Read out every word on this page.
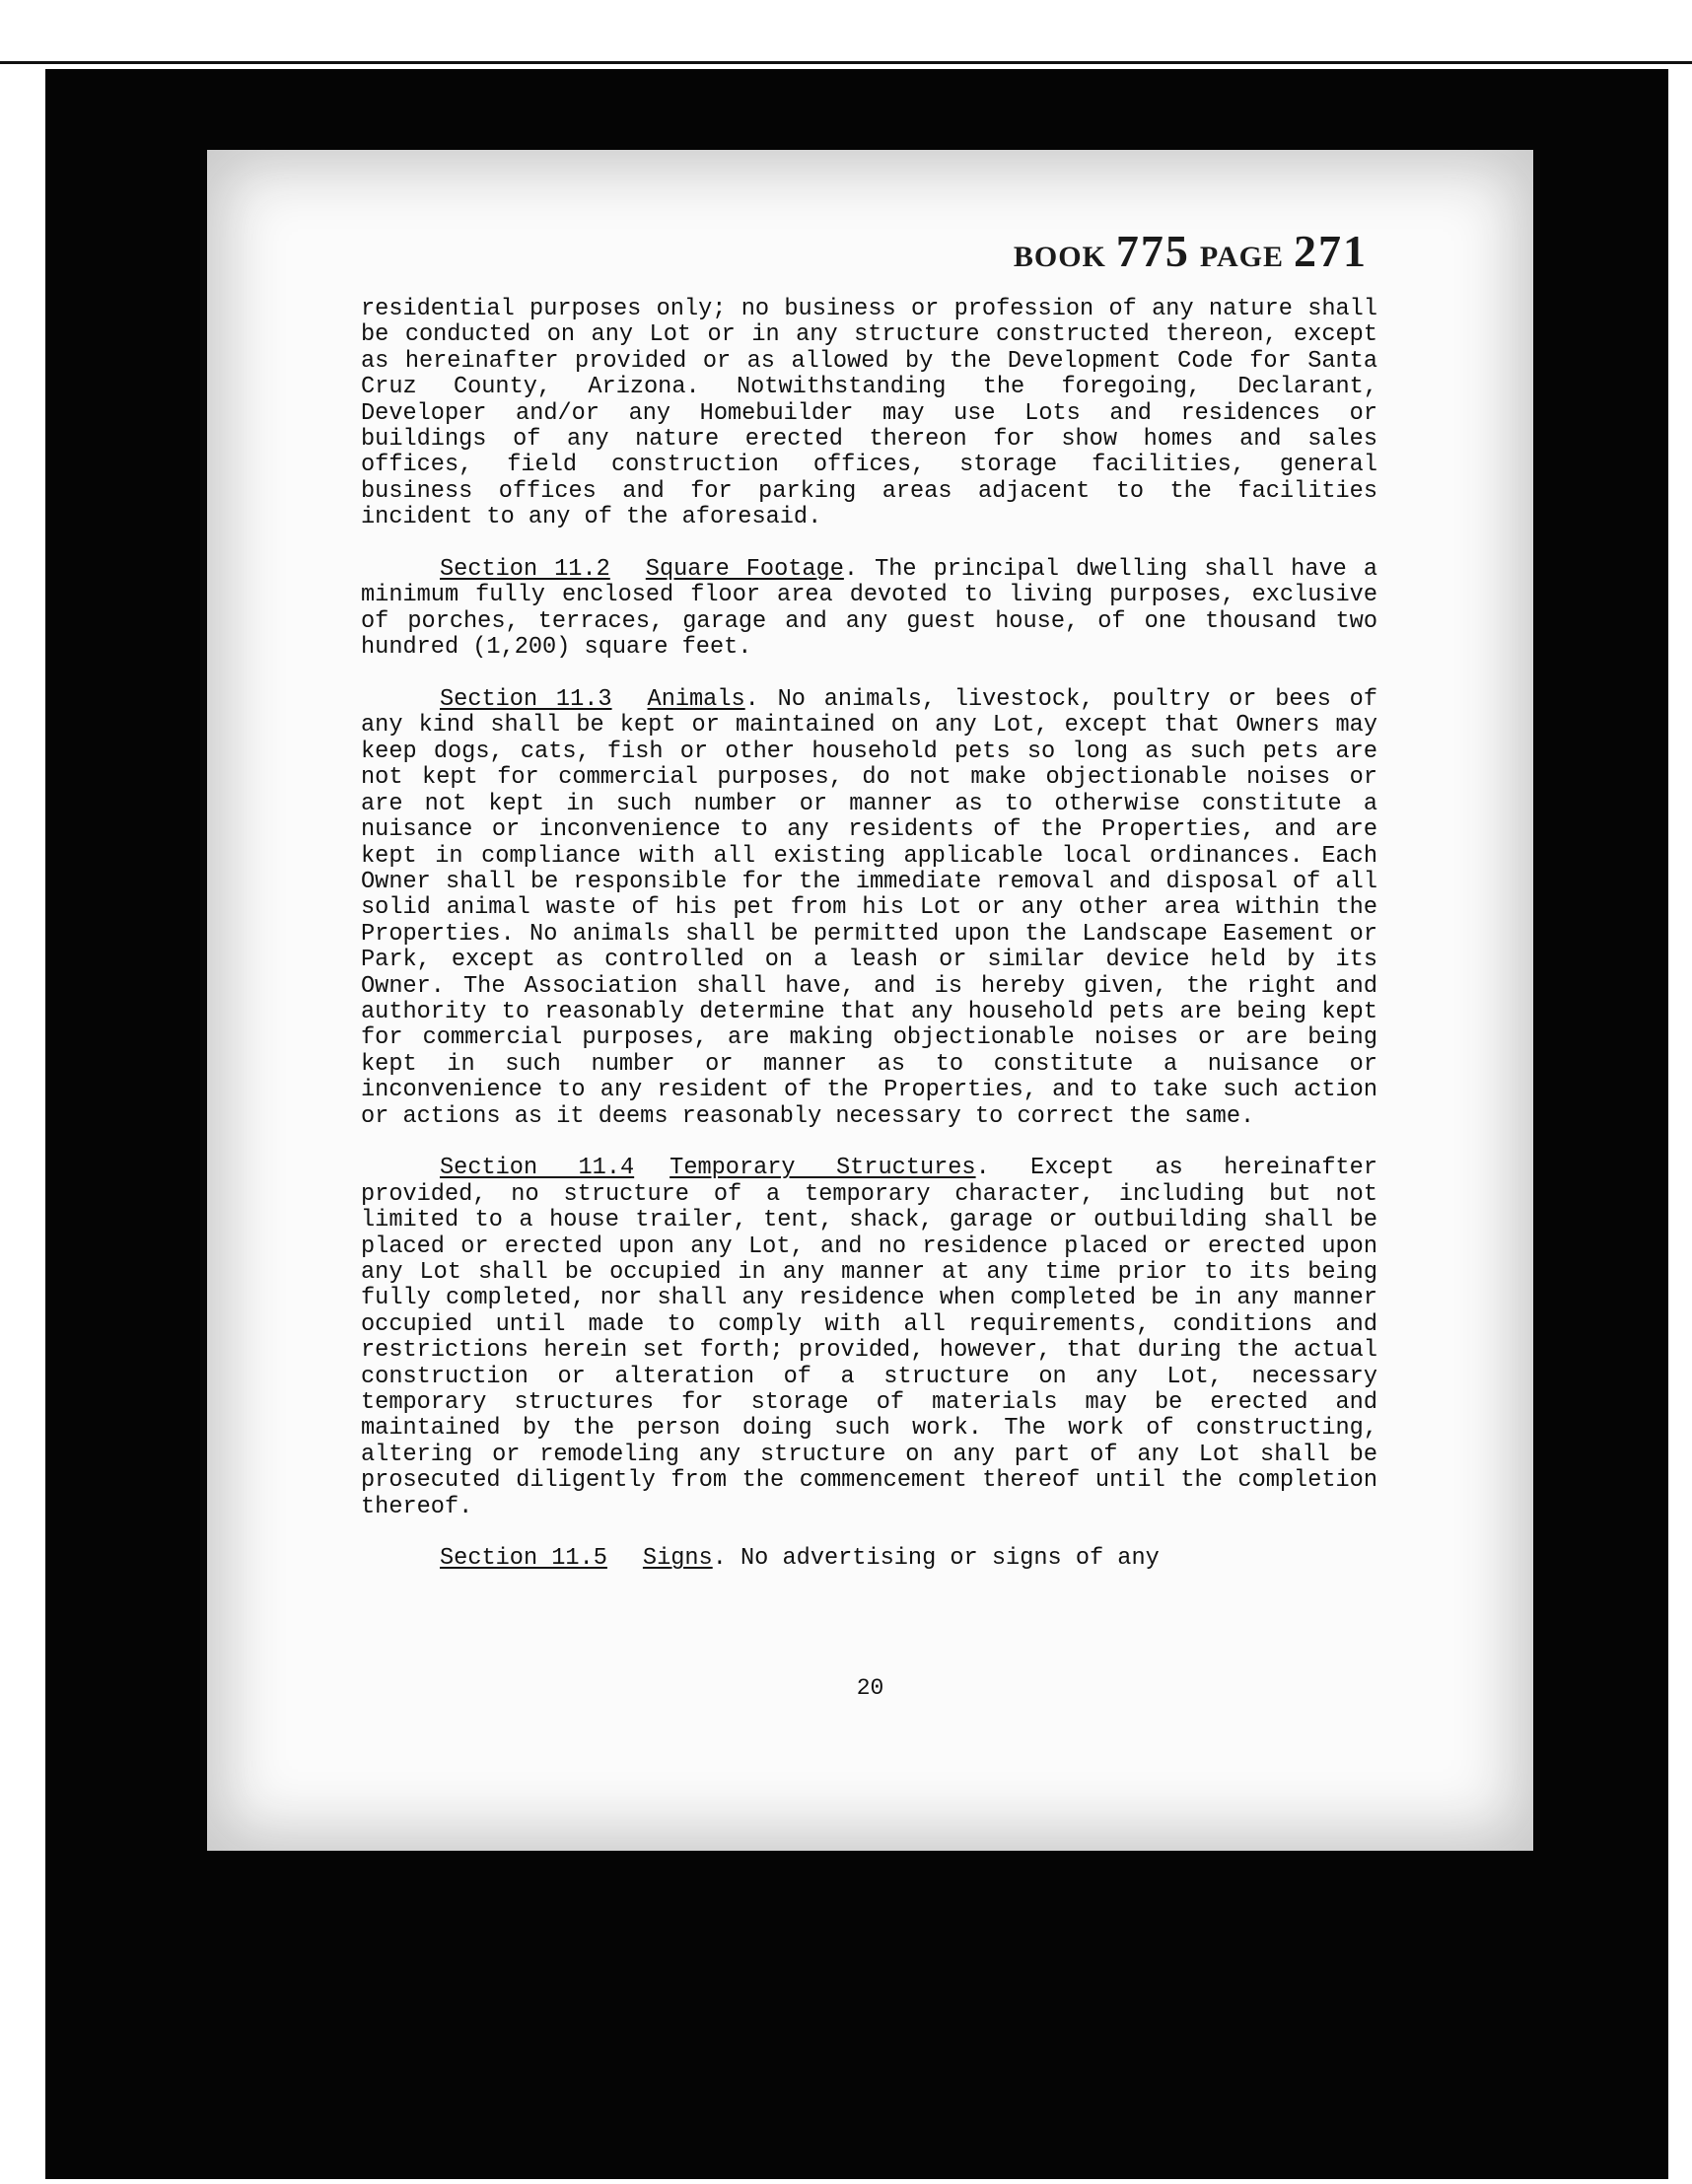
BOOK 775 PAGE 271

residential purposes only; no business or profession of any nature shall be conducted on any Lot or in any structure constructed thereon, except as hereinafter provided or as allowed by the Development Code for Santa Cruz County, Arizona. Notwithstanding the foregoing, Declarant, Developer and/or any Homebuilder may use Lots and residences or buildings of any nature erected thereon for show homes and sales offices, field construction offices, storage facilities, general business offices and for parking areas adjacent to the facilities incident to any of the aforesaid.

Section 11.2 Square Footage. The principal dwelling shall have a minimum fully enclosed floor area devoted to living purposes, exclusive of porches, terraces, garage and any guest house, of one thousand two hundred (1,200) square feet.

Section 11.3 Animals. No animals, livestock, poultry or bees of any kind shall be kept or maintained on any Lot, except that Owners may keep dogs, cats, fish or other household pets so long as such pets are not kept for commercial purposes, do not make objectionable noises or are not kept in such number or manner as to otherwise constitute a nuisance or inconvenience to any residents of the Properties, and are kept in compliance with all existing applicable local ordinances. Each Owner shall be responsible for the immediate removal and disposal of all solid animal waste of his pet from his Lot or any other area within the Properties. No animals shall be permitted upon the Landscape Easement or Park, except as controlled on a leash or similar device held by its Owner. The Association shall have, and is hereby given, the right and authority to reasonably determine that any household pets are being kept for commercial purposes, are making objectionable noises or are being kept in such number or manner as to constitute a nuisance or inconvenience to any resident of the Properties, and to take such action or actions as it deems reasonably necessary to correct the same.

Section 11.4 Temporary Structures. Except as hereinafter provided, no structure of a temporary character, including but not limited to a house trailer, tent, shack, garage or outbuilding shall be placed or erected upon any Lot, and no residence placed or erected upon any Lot shall be occupied in any manner at any time prior to its being fully completed, nor shall any residence when completed be in any manner occupied until made to comply with all requirements, conditions and restrictions herein set forth; provided, however, that during the actual construction or alteration of a structure on any Lot, necessary temporary structures for storage of materials may be erected and maintained by the person doing such work. The work of constructing, altering or remodeling any structure on any part of any Lot shall be prosecuted diligently from the commencement thereof until the completion thereof.

Section 11.5 Signs. No advertising or signs of any

20
